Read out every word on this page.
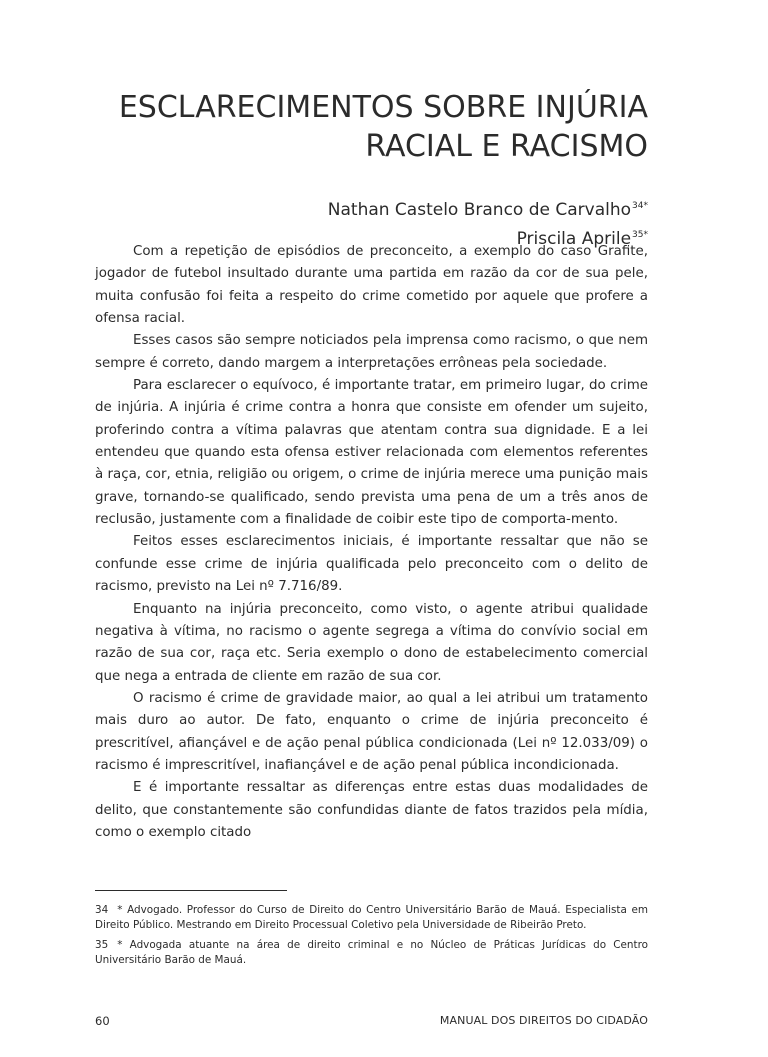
ESCLARECIMENTOS SOBRE INJÚRIA
RACIAL E RACISMO
Nathan Castelo Branco de Carvalho$^{34*}$
Priscila Aprile$^{35*}$

Com a repetição de episódios de preconceito, a exemplo do caso Grafite, jogador de futebol insultado durante uma partida em razão da cor de sua pele, muita confusão foi feita a respeito do crime cometido por aquele que profere a ofensa racial.

Esses casos são sempre noticiados pela imprensa como racismo, o que nem sempre é correto, dando margem a interpretações errôneas pela sociedade.

Para esclarecer o equívoco, é importante tratar, em primeiro lugar, do crime de injúria. A injúria é crime contra a honra que consiste em ofender um sujeito, proferindo contra a vítima palavras que atentam contra sua dignidade. E a lei entendeu que quando esta ofensa estiver relacionada com elementos referentes à raça, cor, etnia, religião ou origem, o crime de injúria merece uma punição mais grave, tornando-se qualificado, sendo prevista uma pena de um a três anos de reclusão, justamente com a finalidade de coibir este tipo de comporta-mento.

Feitos esses esclarecimentos iniciais, é importante ressaltar que não se confunde esse crime de injúria qualificada pelo preconceito com o delito de racismo, previsto na Lei nº 7.716/89.

Enquanto na injúria preconceito, como visto, o agente atribui qualidade negativa à vítima, no racismo o agente segrega a vítima do convívio social em razão de sua cor, raça etc. Seria exemplo o dono de estabelecimento comercial que nega a entrada de cliente em razão de sua cor.

O racismo é crime de gravidade maior, ao qual a lei atribui um tratamento mais duro ao autor. De fato, enquanto o crime de injúria preconceito é prescritível, afiançável e de ação penal pública condicionada (Lei nº 12.033/09) o racismo é imprescritível, inafiançável e de ação penal pública incondicionada.

E é importante ressaltar as diferenças entre estas duas modalidades de delito, que constantemente são confundidas diante de fatos trazidos pela mídia, como o exemplo citado

34 * Advogado. Professor do Curso de Direito do Centro Universitário Barão de Mauá. Especialista em Direito Público. Mestrando em Direito Processual Coletivo pela Universidade de Ribeirão Preto.

35 * Advogada atuante na área de direito criminal e no Núcleo de Práticas Jurídicas do Centro Universitário Barão de Mauá.

60	MANUAL DOS DIREITOS DO CIDADÃO
